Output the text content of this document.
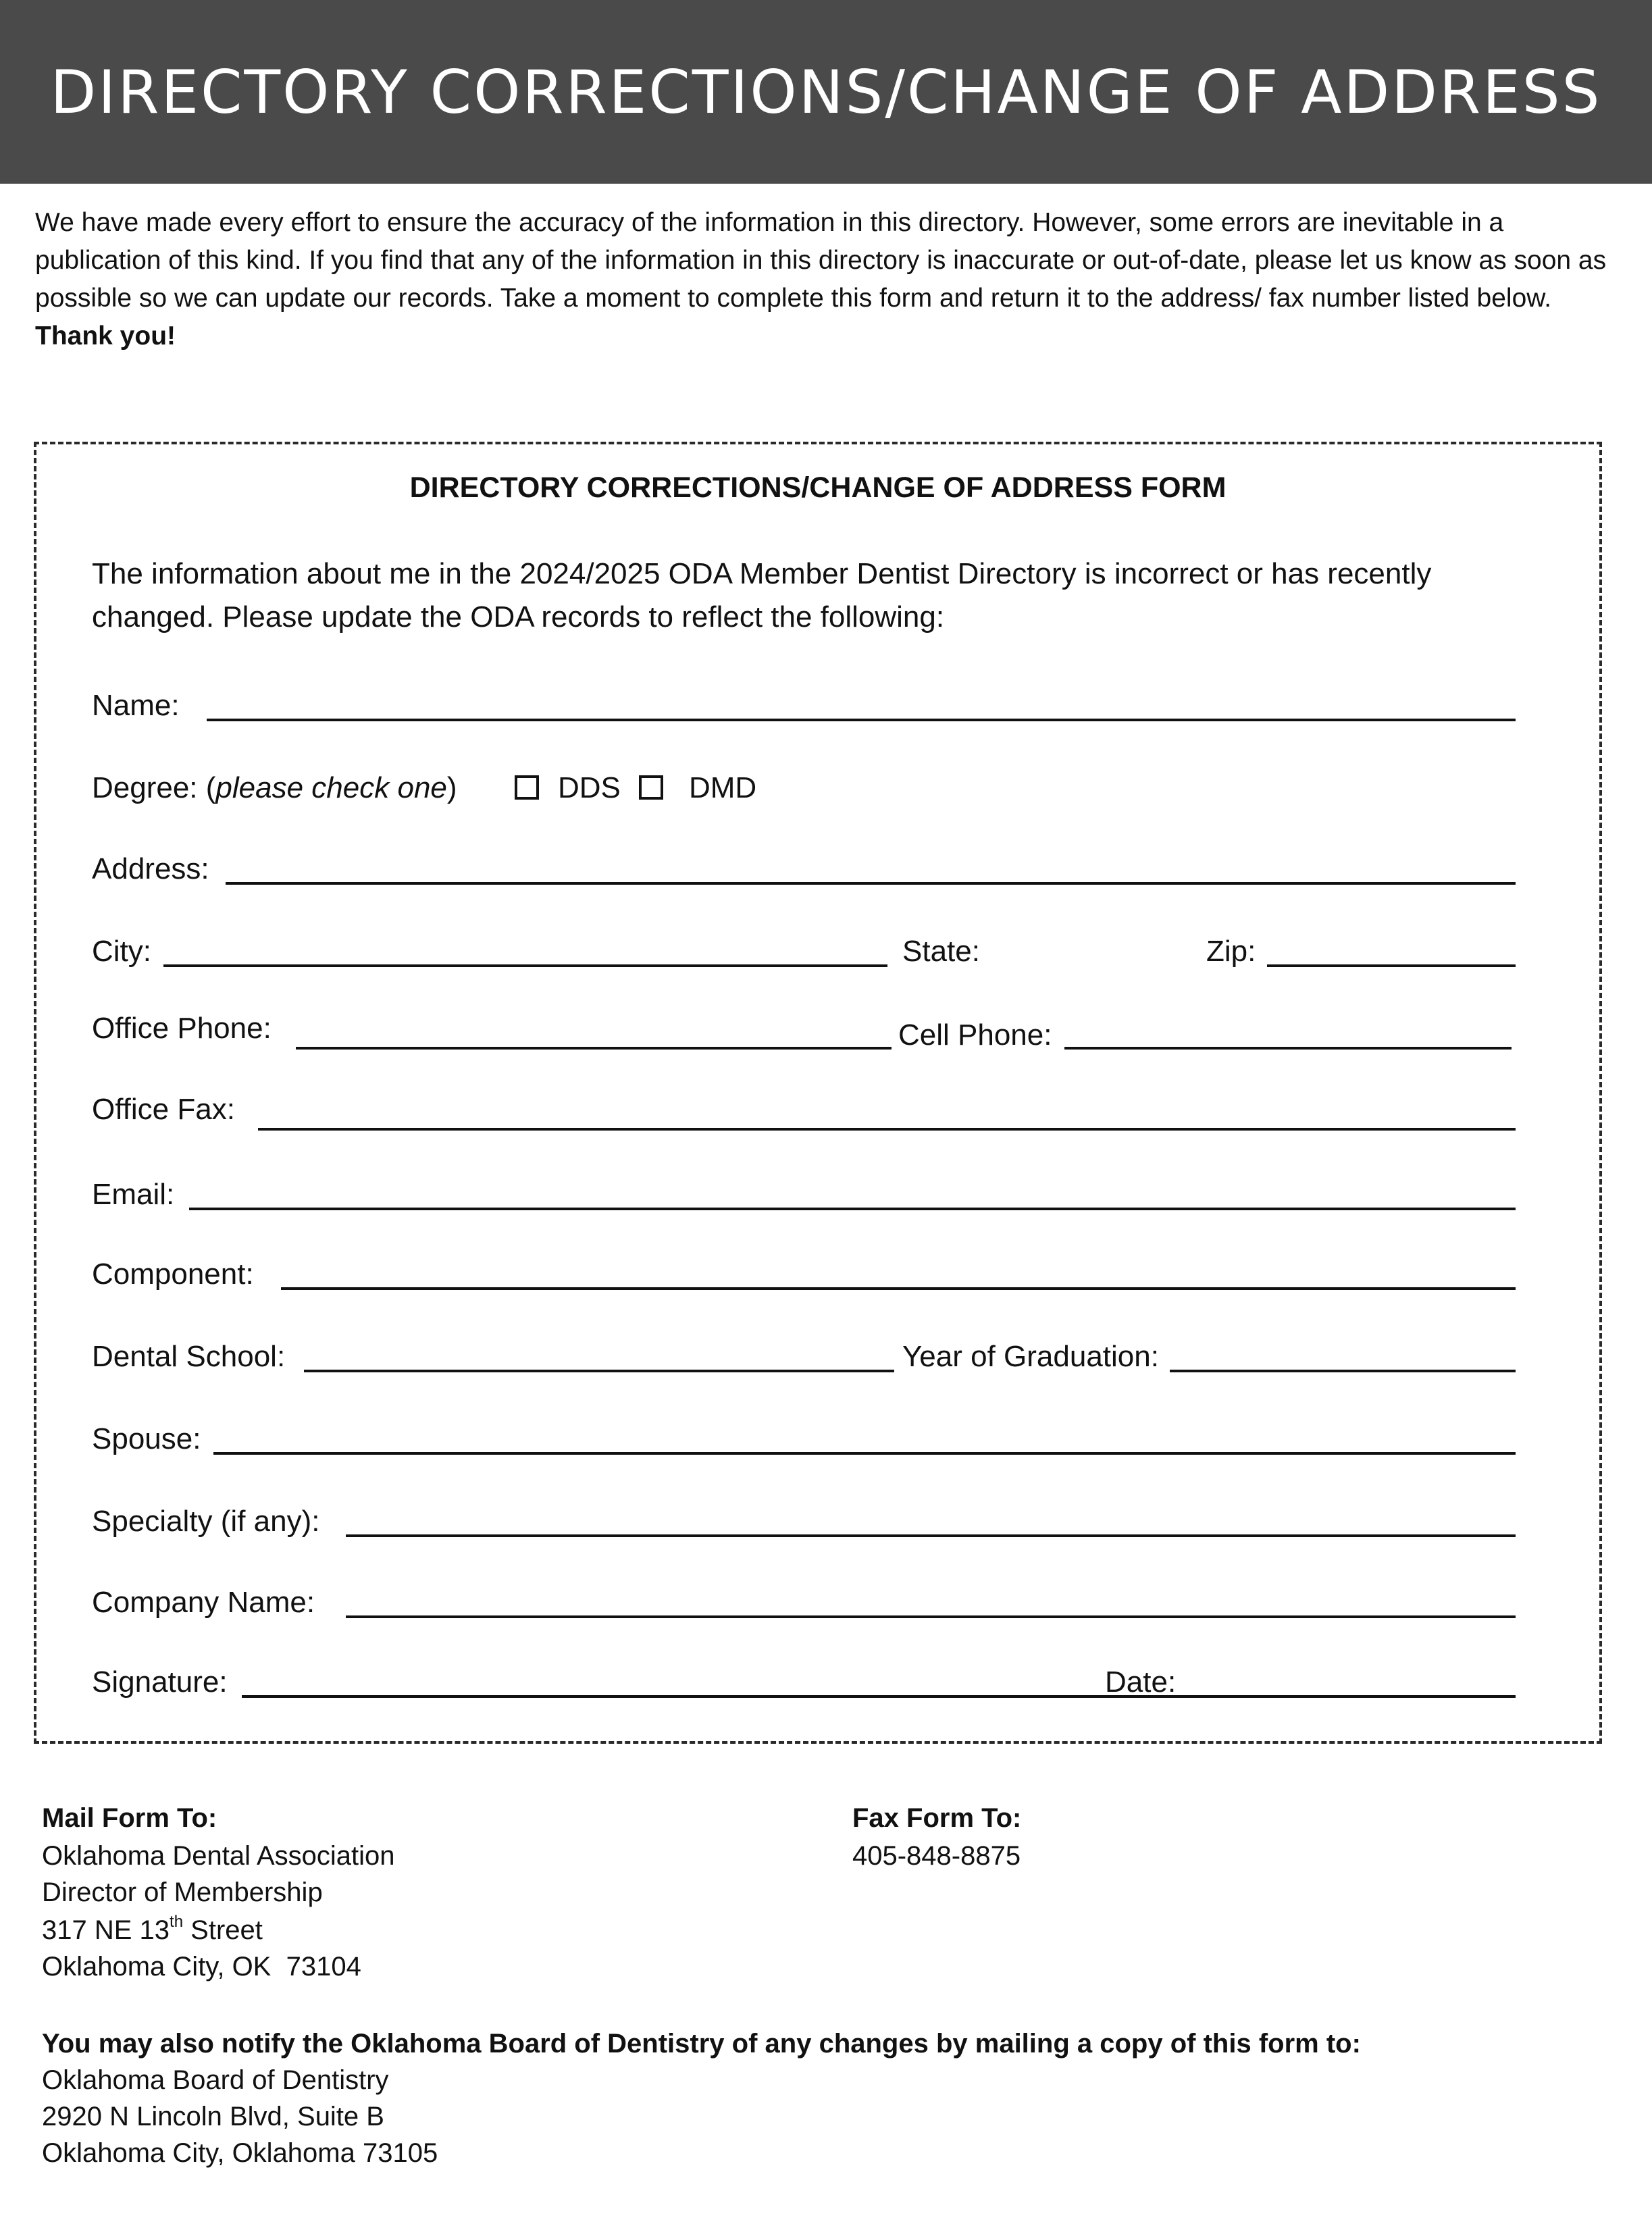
DIRECTORY CORRECTIONS/CHANGE OF ADDRESS
We have made every effort to ensure the accuracy of the information in this directory. However, some errors are inevitable in a publication of this kind. If you find that any of the information in this directory is inaccurate or out-of-date, please let us know as soon as possible so we can update our records. Take a moment to complete this form and return it to the address/ fax number listed below. Thank you!
DIRECTORY CORRECTIONS/CHANGE OF ADDRESS FORM
The information about me in the 2024/2025 ODA Member Dentist Directory is incorrect or has recently changed. Please update the ODA records to reflect the following:
Name:
Degree: (please check one)	DDS DMD
Address:
City:	State:	Zip:
Office Phone:	Cell Phone:
Office Fax:
Email:
Component:
Dental School:	Year of Graduation:
Spouse:
Specialty (if any):
Company Name:
Signature:	Date:
Mail Form To:
Oklahoma Dental Association
Director of Membership
317 NE 13th Street
Oklahoma City, OK  73104
Fax Form To:
405-848-8875
You may also notify the Oklahoma Board of Dentistry of any changes by mailing a copy of this form to:
Oklahoma Board of Dentistry
2920 N Lincoln Blvd, Suite B
Oklahoma City, Oklahoma 73105
